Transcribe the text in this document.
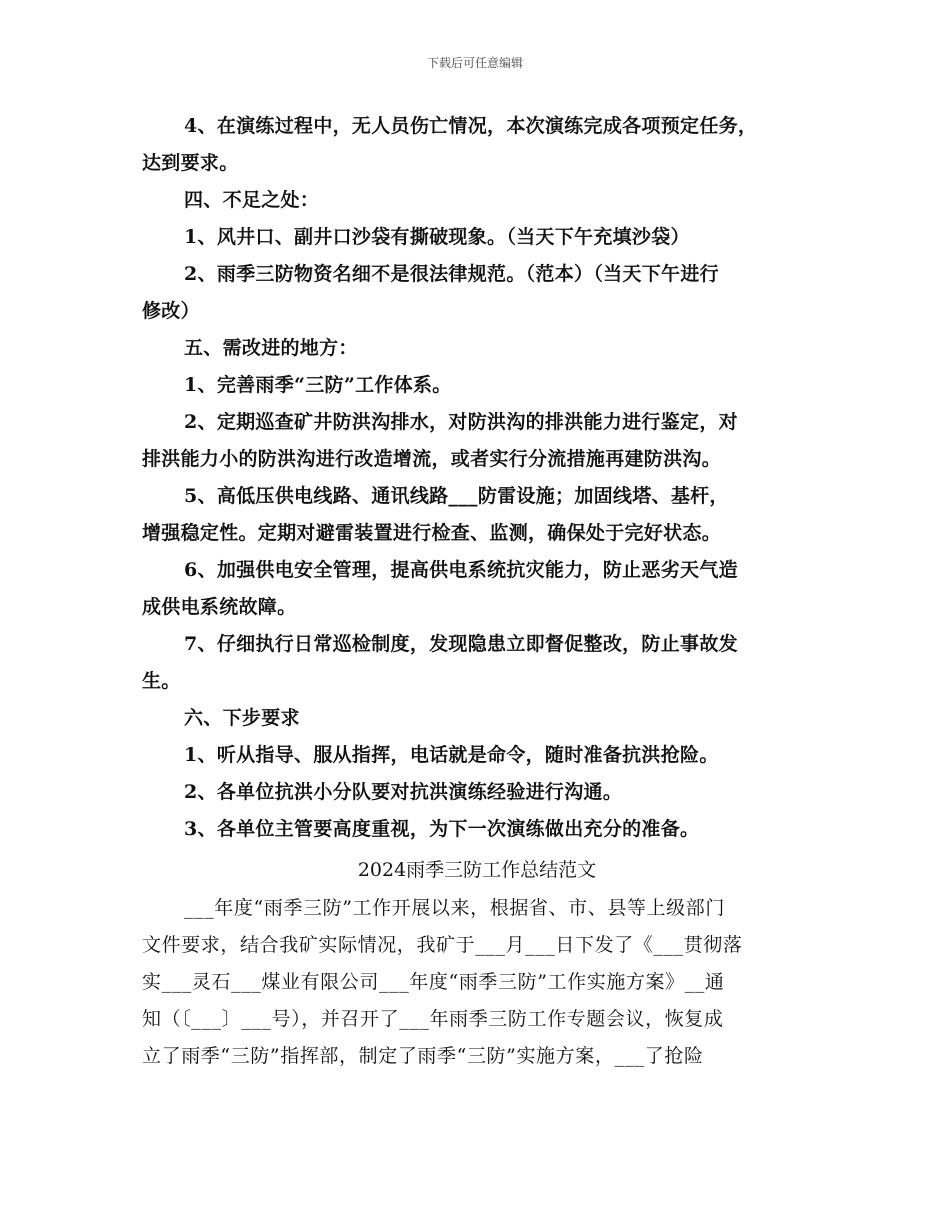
下载后可任意编辑
4、在演练过程中，无人员伤亡情况，本次演练完成各项预定任务，
达到要求。
四、不足之处：
1、风井口、副井口沙袋有撕破现象。（当天下午充填沙袋）
2、雨季三防物资名细不是很法律规范。（范本）（当天下午进行
修改）
五、需改进的地方：
1、完善雨季“三防”工作体系。
2、定期巡查矿井防洪沟排水，对防洪沟的排洪能力进行鉴定，对
排洪能力小的防洪沟进行改造增流，或者实行分流措施再建防洪沟。
5、高低压供电线路、通讯线路___防雷设施；加固线塔、基杆，
增强稳定性。定期对避雷装置进行检查、监测，确保处于完好状态。
6、加强供电安全管理，提高供电系统抗灾能力，防止恶劣天气造
成供电系统故障。
7、仔细执行日常巡检制度，发现隐患立即督促整改，防止事故发
生。
六、下步要求
1、听从指导、服从指挥，电话就是命令，随时准备抗洪抢险。
2、各单位抗洪小分队要对抗洪演练经验进行沟通。
3、各单位主管要高度重视，为下一次演练做出充分的准备。
2024雨季三防工作总结范文
___年度“雨季三防”工作开展以来，根据省、市、县等上级部门
文件要求，结合我矿实际情况，我矿于___月___日下发了《___贯彻落
实___灵石___煤业有限公司___年度“雨季三防”工作实施方案》__通
知（〔___〕___号），并召开了___年雨季三防工作专题会议，恢复成
立了雨季“三防”指挥部，制定了雨季“三防”实施方案，___了抢险
